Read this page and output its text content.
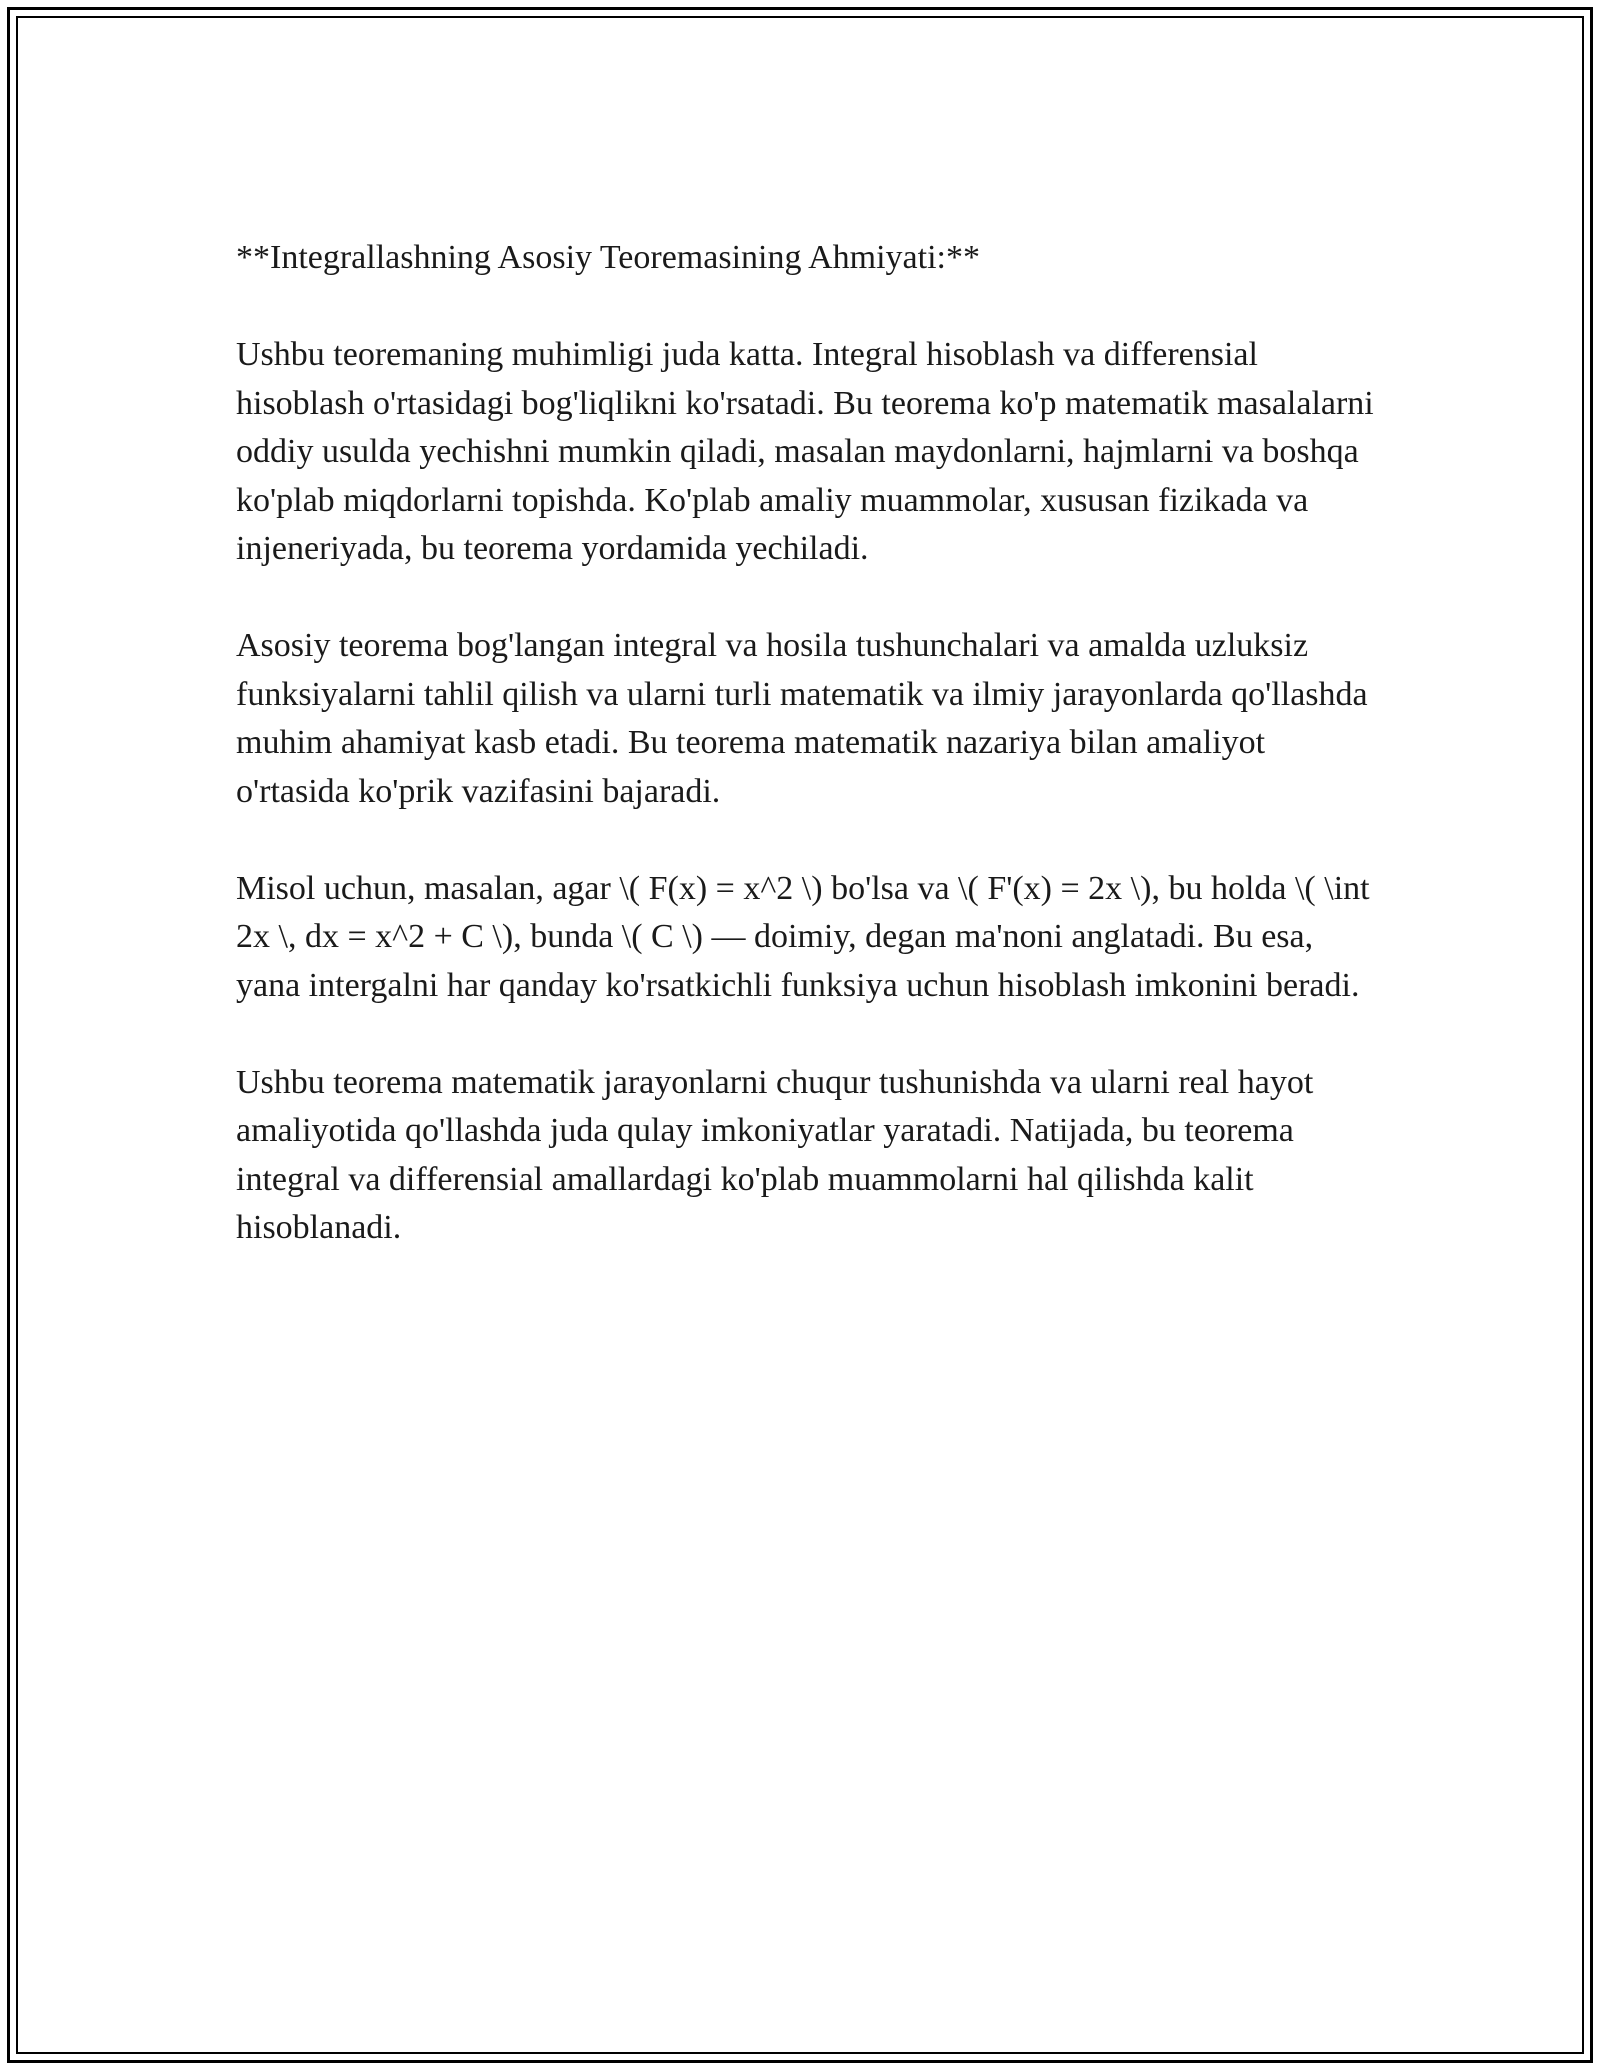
**Integrallashning Asosiy Teoremasining Ahmiyati:**

Ushbu teoremaning muhimligi juda katta. Integral hisoblash va differensial hisoblash o'rtasidagi bog'liqlikni ko'rsatadi. Bu teorema ko'p matematik masalalarni oddiy usulda yechishni mumkin qiladi, masalan maydonlarni, hajmlarni va boshqa ko'plab miqdorlarni topishda. Ko'plab amaliy muammolar, xususan fizikada va injeneriyada, bu teorema yordamida yechiladi.

Asosiy teorema bog'langan integral va hosila tushunchalari va amalda uzluksiz funksiyalarni tahlil qilish va ularni turli matematik va ilmiy jarayonlarda qo'llashda muhim ahamiyat kasb etadi. Bu teorema matematik nazariya bilan amaliyot o'rtasida ko'prik vazifasini bajaradi.

Misol uchun, masalan, agar \( F(x) = x^2 \) bo'lsa va \( F'(x) = 2x \), bu holda \( \int 2x \, dx = x^2 + C \), bunda \( C \) — doimiy, degan ma'noni anglatadi. Bu esa, yana intergalni har qanday ko'rsatkichli funksiya uchun hisoblash imkonini beradi.

Ushbu teorema matematik jarayonlarni chuqur tushunishda va ularni real hayot amaliyotida qo'llashda juda qulay imkoniyatlar yaratadi. Natijada, bu teorema integral va differensial amallardagi ko'plab muammolarni hal qilishda kalit hisoblanadi.
